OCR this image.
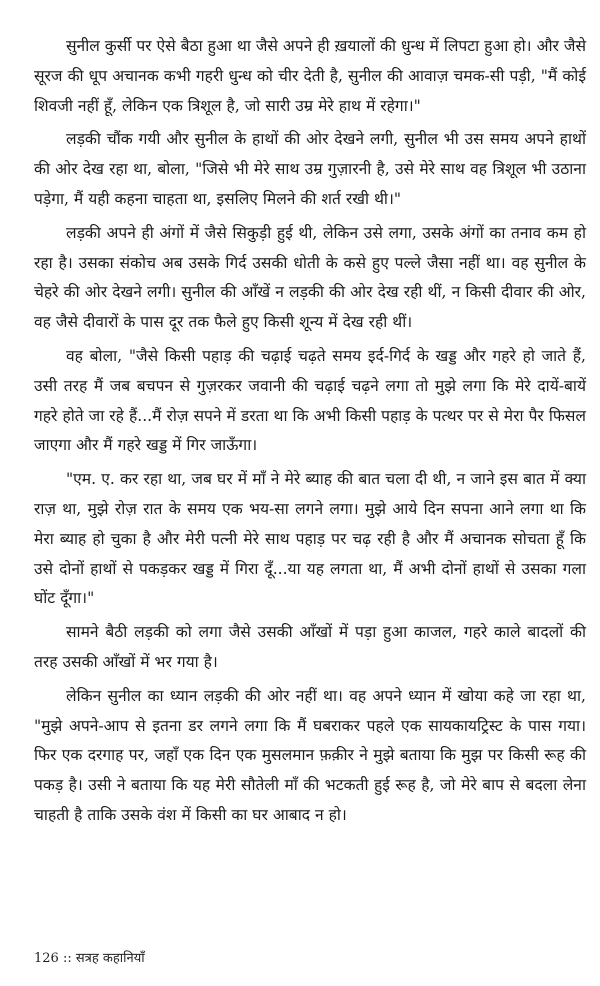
सुनील कुर्सी पर ऐसे बैठा हुआ था जैसे अपने ही ख़यालों की धुन्ध में लिपटा हुआ हो। और जैसे सूरज की धूप अचानक कभी गहरी धुन्ध को चीर देती है, सुनील की आवाज़ चमक-सी पड़ी, "मैं कोई शिवजी नहीं हूँ, लेकिन एक त्रिशूल है, जो सारी उम्र मेरे हाथ में रहेगा।"

लड़की चौंक गयी और सुनील के हाथों की ओर देखने लगी, सुनील भी उस समय अपने हाथों की ओर देख रहा था, बोला, "जिसे भी मेरे साथ उम्र गुज़ारनी है, उसे मेरे साथ वह त्रिशूल भी उठाना पड़ेगा, मैं यही कहना चाहता था, इसलिए मिलने की शर्त रखी थी।"

लड़की अपने ही अंगों में जैसे सिकुड़ी हुई थी, लेकिन उसे लगा, उसके अंगों का तनाव कम हो रहा है। उसका संकोच अब उसके गिर्द उसकी धोती के कसे हुए पल्ले जैसा नहीं था। वह सुनील के चेहरे की ओर देखने लगी। सुनील की आँखें न लड़की की ओर देख रही थीं, न किसी दीवार की ओर, वह जैसे दीवारों के पास दूर तक फैले हुए किसी शून्य में देख रही थीं।

वह बोला, "जैसे किसी पहाड़ की चढ़ाई चढ़ते समय इर्द-गिर्द के खड्ड और गहरे हो जाते हैं, उसी तरह मैं जब बचपन से गुज़रकर जवानी की चढ़ाई चढ़ने लगा तो मुझे लगा कि मेरे दायें-बायें गहरे होते जा रहे हैं...मैं रोज़ सपने में डरता था कि अभी किसी पहाड़ के पत्थर पर से मेरा पैर फिसल जाएगा और मैं गहरे खड्ड में गिर जाऊँगा।

"एम. ए. कर रहा था, जब घर में माँ ने मेरे ब्याह की बात चला दी थी, न जाने इस बात में क्या राज़ था, मुझे रोज़ रात के समय एक भय-सा लगने लगा। मुझे आये दिन सपना आने लगा था कि मेरा ब्याह हो चुका है और मेरी पत्नी मेरे साथ पहाड़ पर चढ़ रही है और मैं अचानक सोचता हूँ कि उसे दोनों हाथों से पकड़कर खड्ड में गिरा दूँ...या यह लगता था, मैं अभी दोनों हाथों से उसका गला घोंट दूँगा।"

सामने बैठी लड़की को लगा जैसे उसकी आँखों में पड़ा हुआ काजल, गहरे काले बादलों की तरह उसकी आँखों में भर गया है।

लेकिन सुनील का ध्यान लड़की की ओर नहीं था। वह अपने ध्यान में खोया कहे जा रहा था, "मुझे अपने-आप से इतना डर लगने लगा कि मैं घबराकर पहले एक सायकायट्रिस्ट के पास गया। फिर एक दरगाह पर, जहाँ एक दिन एक मुसलमान फ़क़ीर ने मुझे बताया कि मुझ पर किसी रूह की पकड़ है। उसी ने बताया कि यह मेरी सौतेली माँ की भटकती हुई रूह है, जो मेरे बाप से बदला लेना चाहती है ताकि उसके वंश में किसी का घर आबाद न हो।

126 :: सत्रह कहानियाँ
